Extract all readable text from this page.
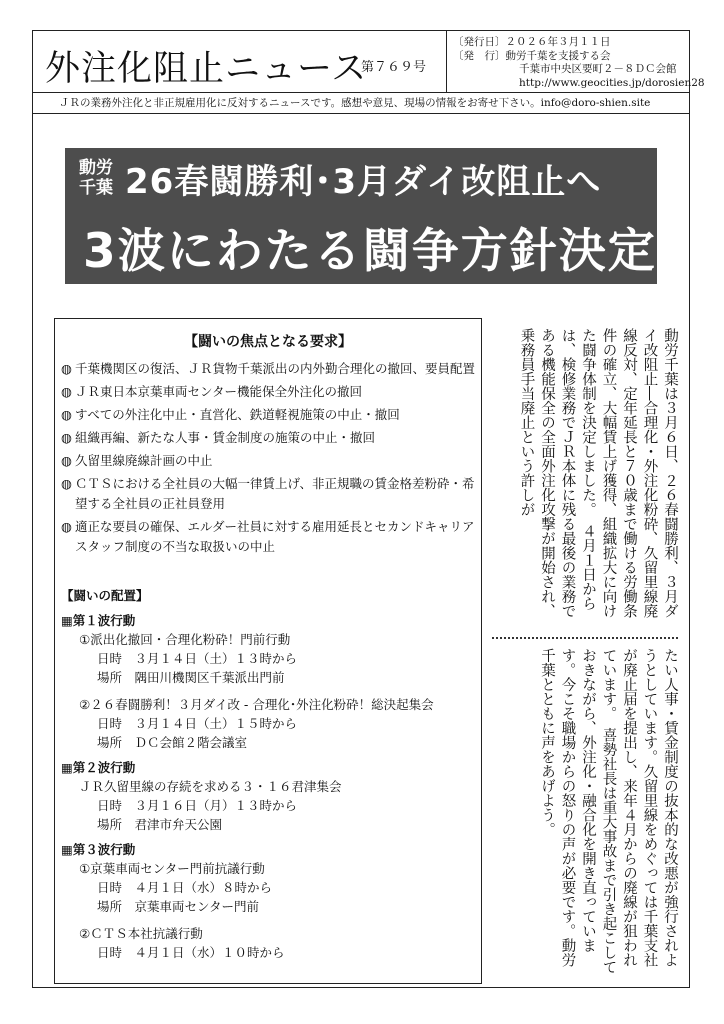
外注化阻止ニュース
第７６９号
〔発行日〕２０２６年３月１１日
〔発　行〕動労千葉を支援する会
千葉市中央区要町２－８ＤＣ会館
http://www.geocities.jp/dorosien28
ＪＲの業務外注化と非正規雇用化に反対するニュースです。感想や意見、現場の情報をお寄せ下さい。info@doro-shien.site
動労千葉 26春闘勝利･3月ダイ改阻止へ
3波にわたる闘争方針決定
【闘いの焦点となる要求】
◍ 千葉機関区の復活、ＪＲ貨物千葉派出の内外勤合理化の撤回、要員配置
◍ ＪＲ東日本京葉車両センター機能保全外注化の撤回
◍ すべての外注化中止・直営化、鉄道軽視施策の中止・撤回
◍ 組織再編、新たな人事・賃金制度の施策の中止・撤回
◍ 久留里線廃線計画の中止
◍ ＣＴＳにおける全社員の大幅一律賃上げ、非正規職の賃金格差粉砕・希望する全社員の正社員登用
◍ 適正な要員の確保、エルダー社員に対する雇用延長とセカンドキャリアスタッフ制度の不当な取扱いの中止
【闘いの配置】
▦第１波行動
①派出化撤回・合理化粉砕！門前行動
日時　３月１４日（土）１３時から
場所　隅田川機関区千葉派出門前
②２６春闘勝利！３月ダイ改 - 合理化･外注化粉砕！総決起集会
日時　３月１４日（土）１５時から
場所　ＤＣ会館２階会議室
▦第２波行動
ＪＲ久留里線の存続を求める３・１６君津集会
日時　３月１６日（月）１３時から
場所　君津市弁天公園
▦第３波行動
①京葉車両センター門前抗議行動
日時　４月１日（水）８時から
場所　京葉車両センター門前
②ＣＴＳ本社抗議行動
日時　４月１日（水）１０時から
動労千葉は３月６日、２６春闘勝利、３月ダイ改阻止―合理化・外注化粉砕、久留里線廃線反対、定年延長と７０歳まで働ける労働条件の確立、大幅賃上げ獲得、組織拡大に向けた闘争体制を決定しました。　４月１日からは、検修業務でＪＲ本体に残る最後の業務である機能保全の全面外注化攻撃が開始され、乗務員手当廃止という許しが
たい人事・賃金制度の抜本的な改悪が強行されようとしています。久留里線をめぐっては千葉支社が廃止届を提出し、来年４月からの廃線が狙われています。　喜勢社長は重大事故まで引き起こしておきながら、外注化・融合化を開き直っています。今こそ職場からの怒りの声が必要です。動労千葉とともに声をあげよう。
